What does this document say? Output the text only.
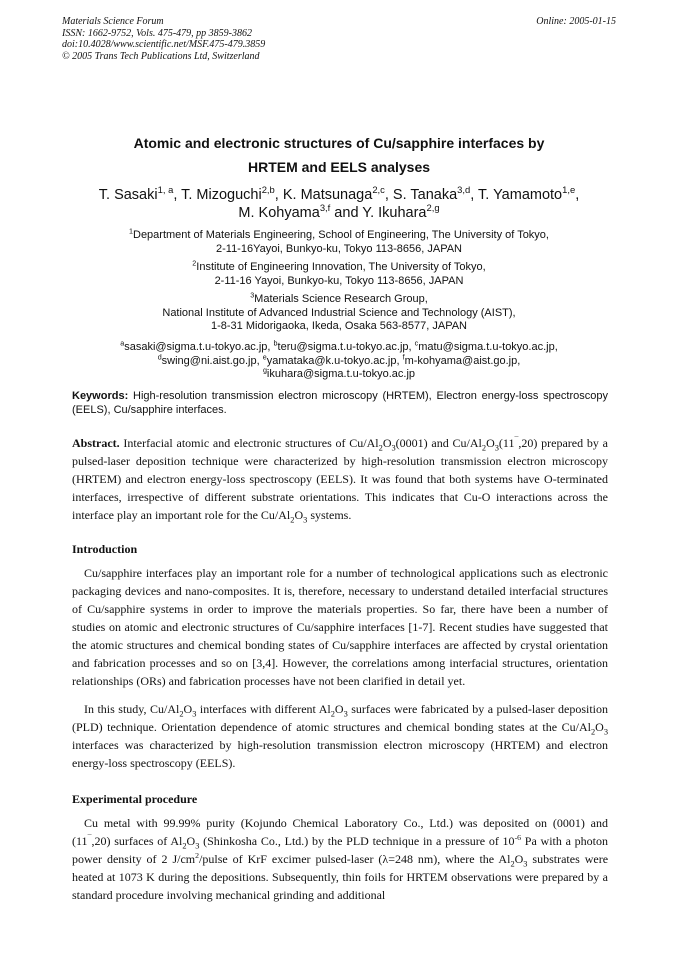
Materials Science Forum
ISSN: 1662-9752, Vols. 475-479, pp 3859-3862
doi:10.4028/www.scientific.net/MSF.475-479.3859
© 2005 Trans Tech Publications Ltd, Switzerland
Online: 2005-01-15
Atomic and electronic structures of Cu/sapphire interfaces by
HRTEM and EELS analyses
T. Sasaki$^{1, a}$, T. Mizoguchi$^{2,b}$, K. Matsunaga$^{2,c}$, S. Tanaka$^{3,d}$, T. Yamamoto$^{1,e}$,
M. Kohyama$^{3,f}$ and Y. Ikuhara$^{2,g}$
$^1$Department of Materials Engineering, School of Engineering, The University of Tokyo,
2-11-16Yayoi, Bunkyo-ku, Tokyo 113-8656, JAPAN
$^2$Institute of Engineering Innovation, The University of Tokyo,
2-11-16 Yayoi, Bunkyo-ku, Tokyo 113-8656, JAPAN
$^3$Materials Science Research Group,
National Institute of Advanced Industrial Science and Technology (AIST),
1-8-31 Midorigaoka, Ikeda, Osaka 563-8577, JAPAN
$^a$sasaki@sigma.t.u-tokyo.ac.jp, $^b$teru@sigma.t.u-tokyo.ac.jp, $^c$matu@sigma.t.u-tokyo.ac.jp,
$^d$swing@ni.aist.go.jp, $^e$yamataka@k.u-tokyo.ac.jp, $^f$m-kohyama@aist.go.jp,
$^g$ikuhara@sigma.t.u-tokyo.ac.jp
Keywords: High-resolution transmission electron microscopy (HRTEM), Electron energy-loss spectroscopy (EELS), Cu/sapphire interfaces.
Abstract. Interfacial atomic and electronic structures of $Cu/Al_2O_3(0001)$ and $Cu/Al_2O_3(11^¯,20)$ prepared by a pulsed-laser deposition technique were characterized by high-resolution transmission electron microscopy (HRTEM) and electron energy-loss spectroscopy (EELS). It was found that both systems have O-terminated interfaces, irrespective of different substrate orientations. This indicates that Cu-O interactions across the interface play an important role for the $Cu/Al_2O_3$ systems.
Introduction
Cu/sapphire interfaces play an important role for a number of technological applications such as electronic packaging devices and nano-composites. It is, therefore, necessary to understand detailed interfacial structures of Cu/sapphire systems in order to improve the materials properties. So far, there have been a number of studies on atomic and electronic structures of Cu/sapphire interfaces [1-7]. Recent studies have suggested that the atomic structures and chemical bonding states of Cu/sapphire interfaces are affected by crystal orientation and fabrication processes and so on [3,4]. However, the correlations among interfacial structures, orientation relationships (ORs) and fabrication processes have not been clarified in detail yet.
In this study, $Cu/Al_2O_3$ interfaces with different $Al_2O_3$ surfaces were fabricated by a pulsed-laser deposition (PLD) technique. Orientation dependence of atomic structures and chemical bonding states at the $Cu/Al_2O_3$ interfaces was characterized by high-resolution transmission electron microscopy (HRTEM) and electron energy-loss spectroscopy (EELS).
Experimental procedure
Cu metal with 99.99% purity (Kojundo Chemical Laboratory Co., Ltd.) was deposited on (0001) and (11¯,20) surfaces of $Al_2O_3$ (Shinkosha Co., Ltd.) by the PLD technique in a pressure of $10^{-6}$ Pa with a photon power density of 2 $J/cm^2$/pulse of KrF excimer pulsed-laser (λ=248 nm), where the $Al_2O_3$ substrates were heated at 1073 K during the depositions. Subsequently, thin foils for HRTEM observations were prepared by a standard procedure involving mechanical grinding and additional
